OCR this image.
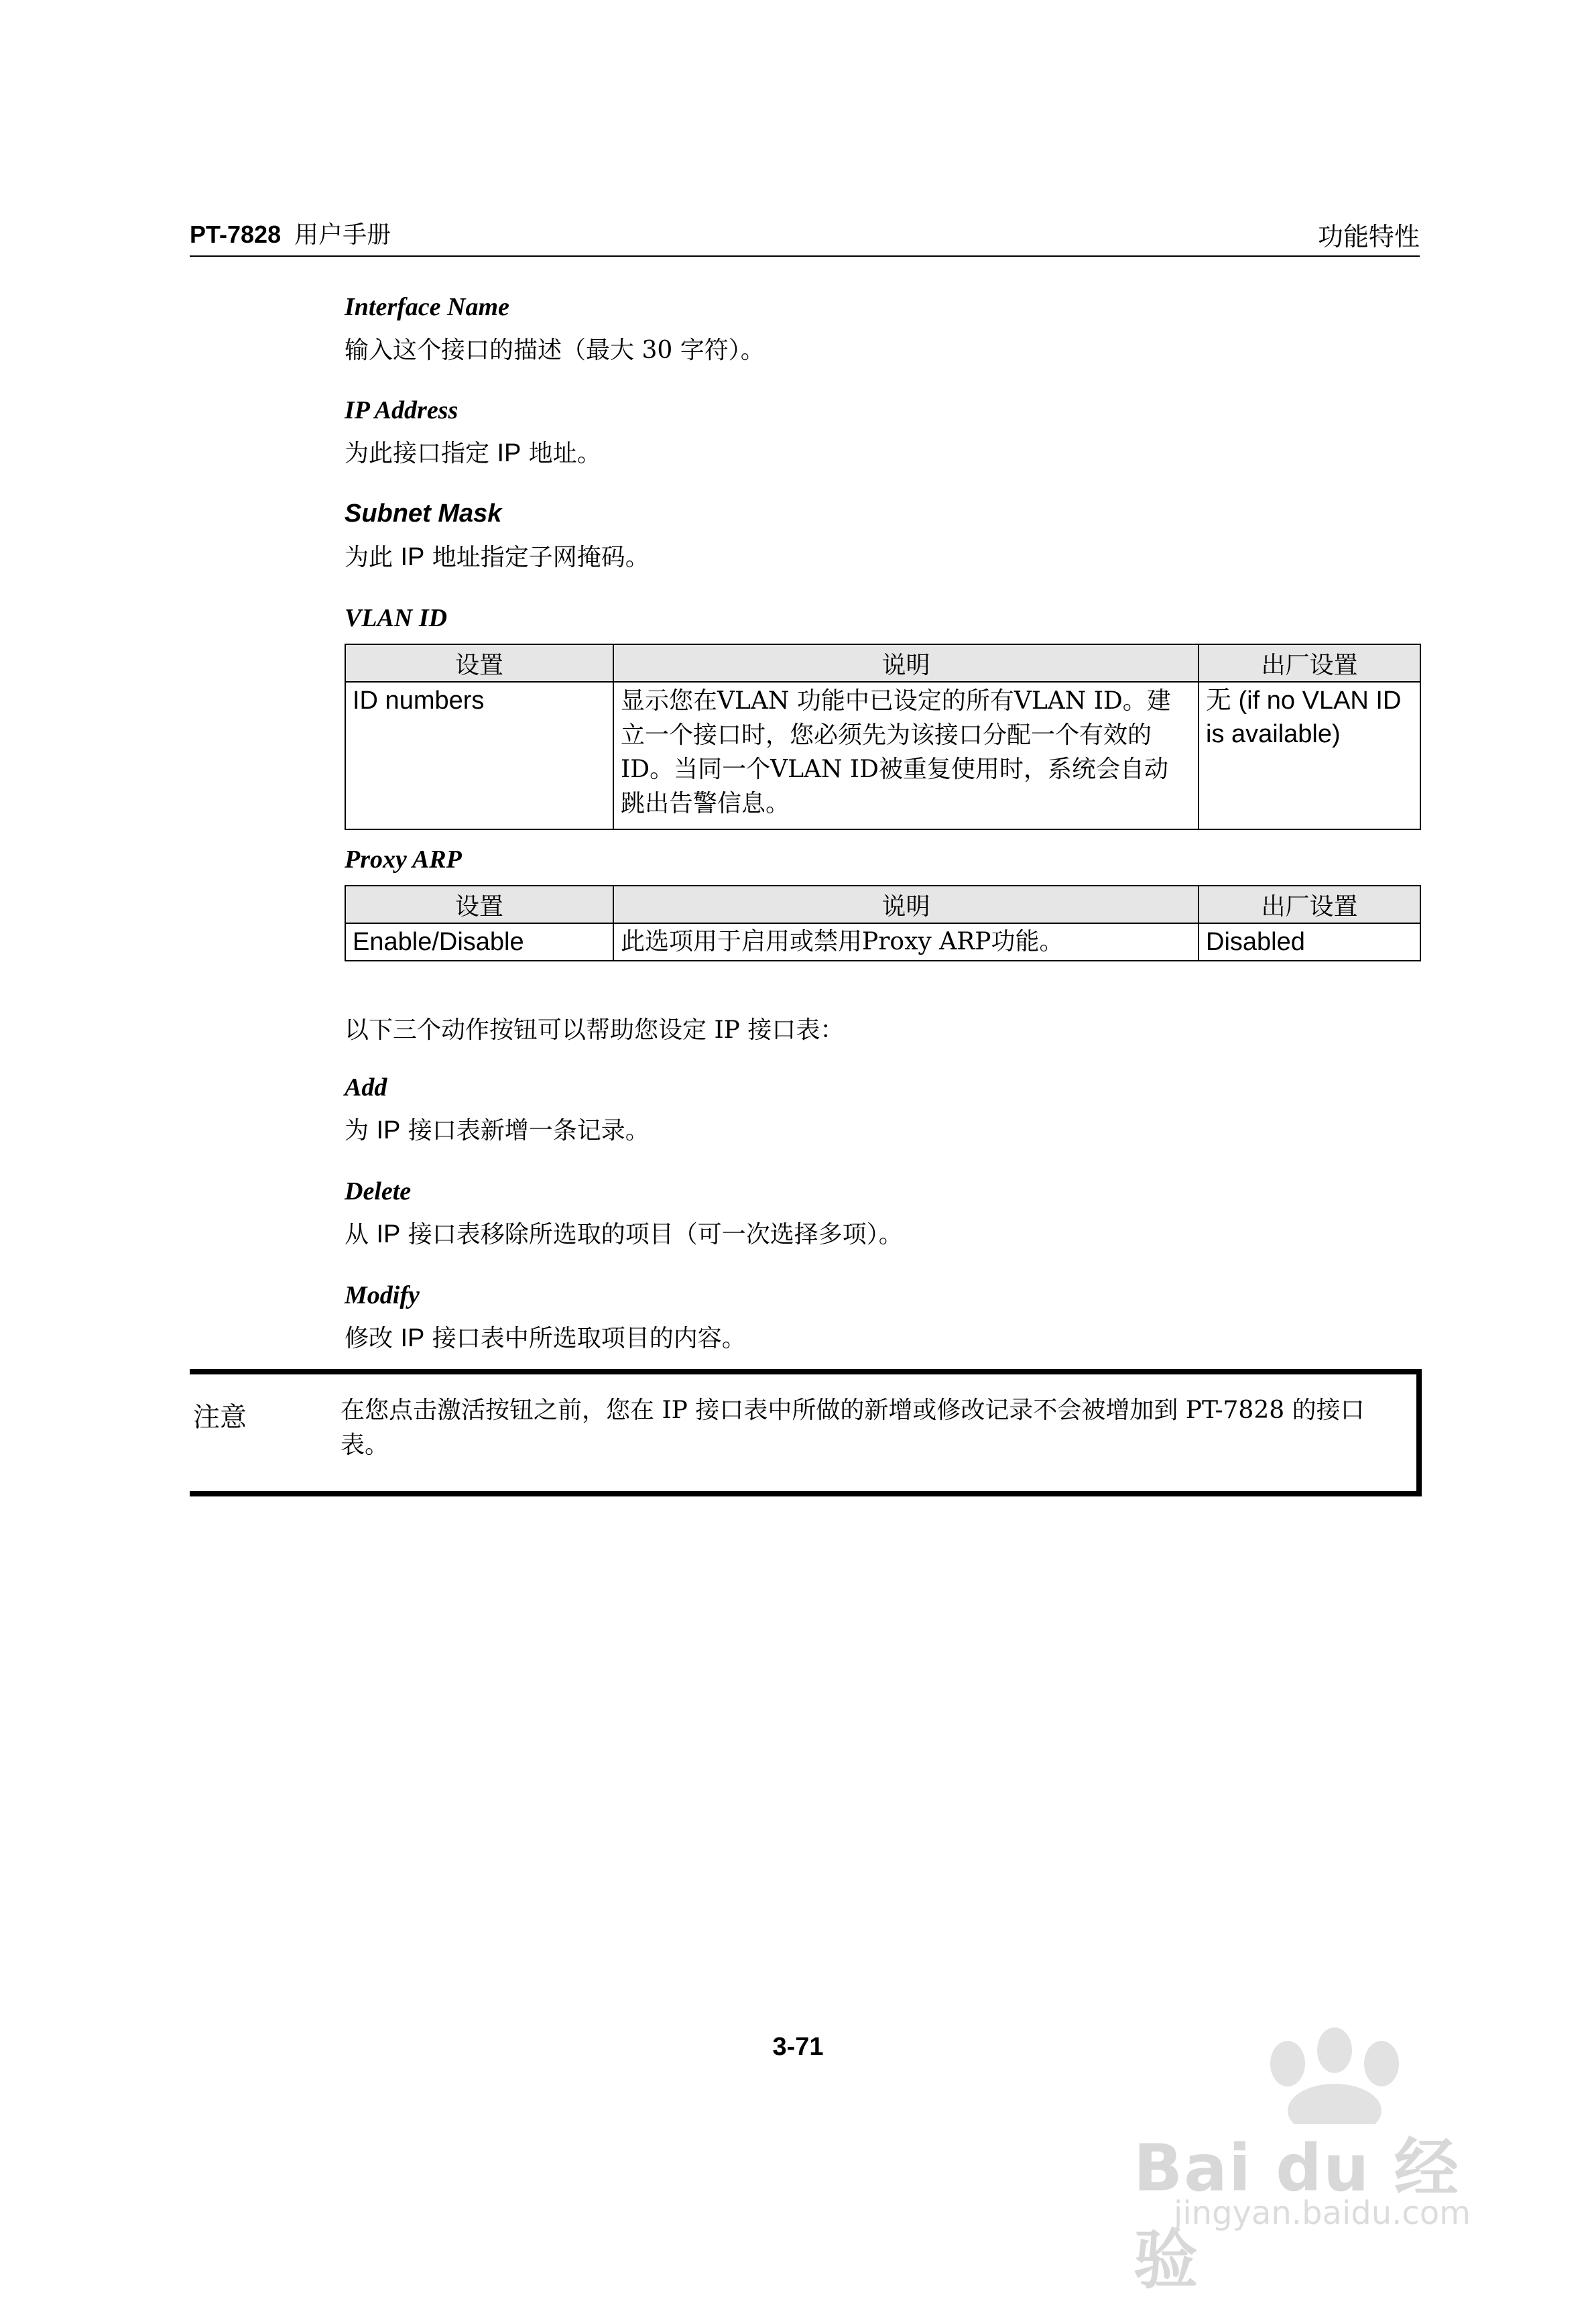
PT-7828 用户手册	功能特性
Interface Name
输入这个接口的描述（最大 30 字符）。
IP Address
为此接口指定 IP 地址。
Subnet Mask
为此 IP 地址指定子网掩码。
VLAN ID
设置	说明	出厂设置
ID numbers	显示您在VLAN 功能中已设定的所有VLAN ID。建立一个接口时，您必须先为该接口分配一个有效的ID。当同一个VLAN ID被重复使用时，系统会自动跳出告警信息。	无 (if no VLAN ID is available)
Proxy ARP
设置	说明	出厂设置
Enable/Disable	此选项用于启用或禁用Proxy ARP功能。	Disabled
以下三个动作按钮可以帮助您设定 IP 接口表：
Add
为 IP 接口表新增一条记录。
Delete
从 IP 接口表移除所选取的项目（可一次选择多项）。
Modify
修改 IP 接口表中所选取项目的内容。
注意	在您点击激活按钮之前，您在 IP 接口表中所做的新增或修改记录不会被增加到 PT-7828 的接口表。
3-71
Bai du 经验
jingyan.baidu.com
